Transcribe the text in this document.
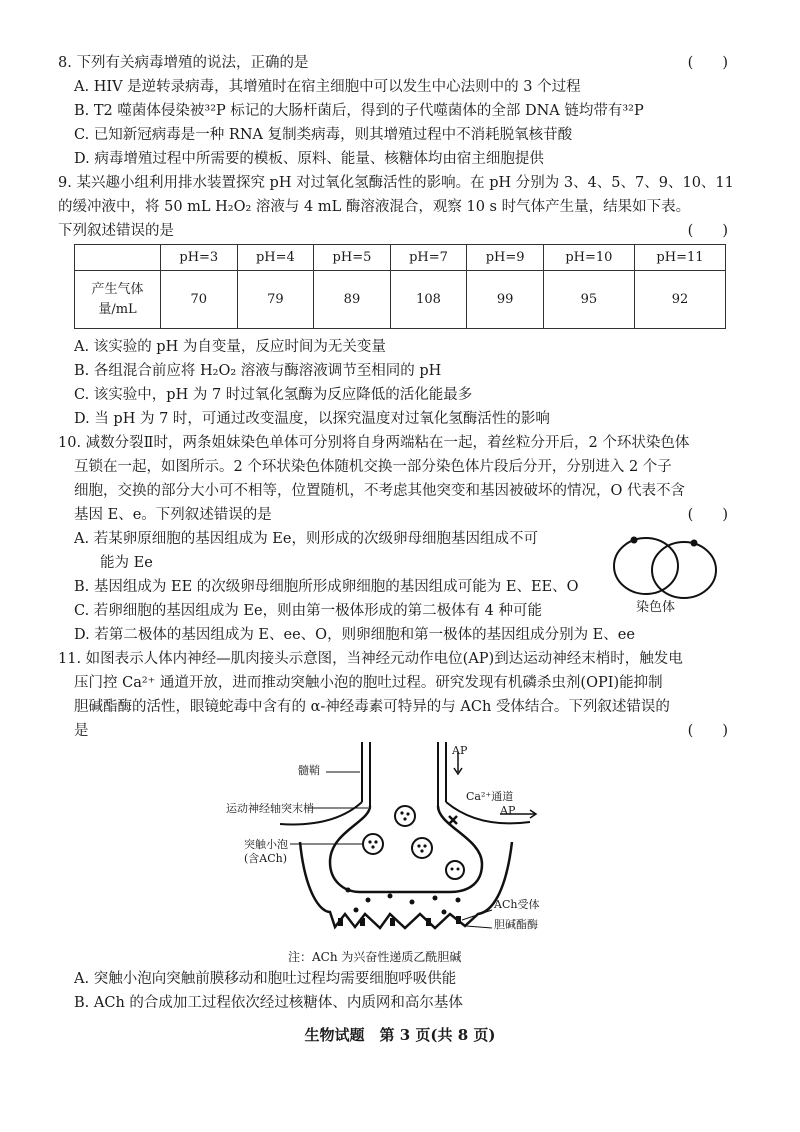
8. 下列有关病毒增殖的说法，正确的是	(　　)
A. HIV 是逆转录病毒，其增殖时在宿主细胞中可以发生中心法则中的 3 个过程
B. T2 噬菌体侵染被³²P 标记的大肠杆菌后，得到的子代噬菌体的全部 DNA 链均带有³²P
C. 已知新冠病毒是一种 RNA 复制类病毒，则其增殖过程中不消耗脱氧核苷酸
D. 病毒增殖过程中所需要的模板、原料、能量、核糖体均由宿主细胞提供
9. 某兴趣小组利用排水装置探究 pH 对过氧化氢酶活性的影响。在 pH 分别为 3、4、5、7、9、10、11
的缓冲液中，将 50 mL H₂O₂ 溶液与 4 mL 酶溶液混合，观察 10 s 时气体产生量，结果如下表。
下列叙述错误的是	(　　)
	pH=3	pH=4	pH=5	pH=7	pH=9	pH=10	pH=11
产生气体量/mL	70	79	89	108	99	95	92
A. 该实验的 pH 为自变量，反应时间为无关变量
B. 各组混合前应将 H₂O₂ 溶液与酶溶液调节至相同的 pH
C. 该实验中，pH 为 7 时过氧化氢酶为反应降低的活化能最多
D. 当 pH 为 7 时，可通过改变温度，以探究温度对过氧化氢酶活性的影响
10. 减数分裂Ⅱ时，两条姐妹染色单体可分别将自身两端粘在一起，着丝粒分开后，2 个环状染色体
互锁在一起，如图所示。2 个环状染色体随机交换一部分染色体片段后分开，分别进入 2 个子
细胞，交换的部分大小可不相等，位置随机，不考虑其他突变和基因被破坏的情况，O 代表不含
基因 E、e。下列叙述错误的是	(　　)
A. 若某卵原细胞的基因组成为 Ee，则形成的次级卵母细胞基因组成不可
能为 Ee
B. 基因组成为 EE 的次级卵母细胞所形成卵细胞的基因组成可能为 E、EE、O
C. 若卵细胞的基因组成为 Ee，则由第一极体形成的第二极体有 4 种可能
D. 若第二极体的基因组成为 E、ee、O，则卵细胞和第一极体的基因组成分别为 E、ee
染色体
11. 如图表示人体内神经—肌肉接头示意图，当神经元动作电位(AP)到达运动神经末梢时，触发电
压门控 Ca²⁺ 通道开放，进而推动突触小泡的胞吐过程。研究发现有机磷杀虫剂(OPI)能抑制
胆碱酯酶的活性，眼镜蛇毒中含有的 α-神经毒素可特异的与 ACh 受体结合。下列叙述错误的
是	(　　)
髓鞘
运动神经轴突末梢
突触小泡
(含ACh)
AP
Ca²⁺通道
AP
ACh受体
胆碱酯酶
注：ACh 为兴奋性递质乙酰胆碱
A. 突触小泡向突触前膜移动和胞吐过程均需要细胞呼吸供能
B. ACh 的合成加工过程依次经过核糖体、内质网和高尔基体
生物试题　第 3 页(共 8 页)
